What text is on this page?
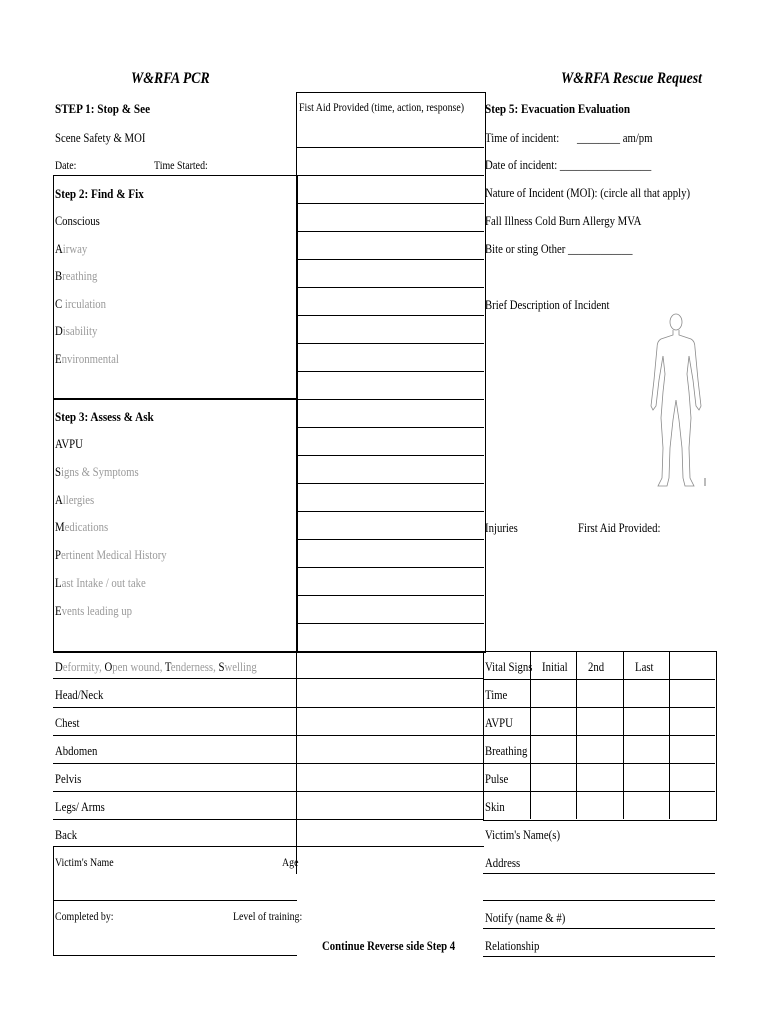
W&RFA PCR
STEP 1: Stop & See
Scene Safety & MOI
Date:	Time Started:
Step 2: Find & Fix
Conscious
Airway
Breathing
C irculation
Disability
Environmental
Step 3: Assess & Ask
AVPU
Signs & Symptoms
Allergies
Medications
Pertinent Medical History
Last Intake / out take
Events leading up
Deformity, Open wound, Tenderness, Swelling
Head/Neck
Chest
Abdomen
Pelvis
Legs/ Arms
Back
Victim's Name	Age
Completed by:	Level of training:
Fist Aid Provided (time, action, response)
Continue Reverse side Step 4
W&RFA Rescue Request
Step 5: Evacuation Evaluation
Time of incident: ________ am/pm
Date of incident: _________________
Nature of Incident (MOI): (circle all that apply)
Fall Illness Cold Burn Allergy MVA
Bite or sting Other ____________
Brief Description of Incident
Injuries	First Aid Provided:
Vital Signs Initial 2nd Last
Time
AVPU
Breathing
Pulse
Skin
Victim's Name(s)
Address
Notify (name & #)
Relationship
